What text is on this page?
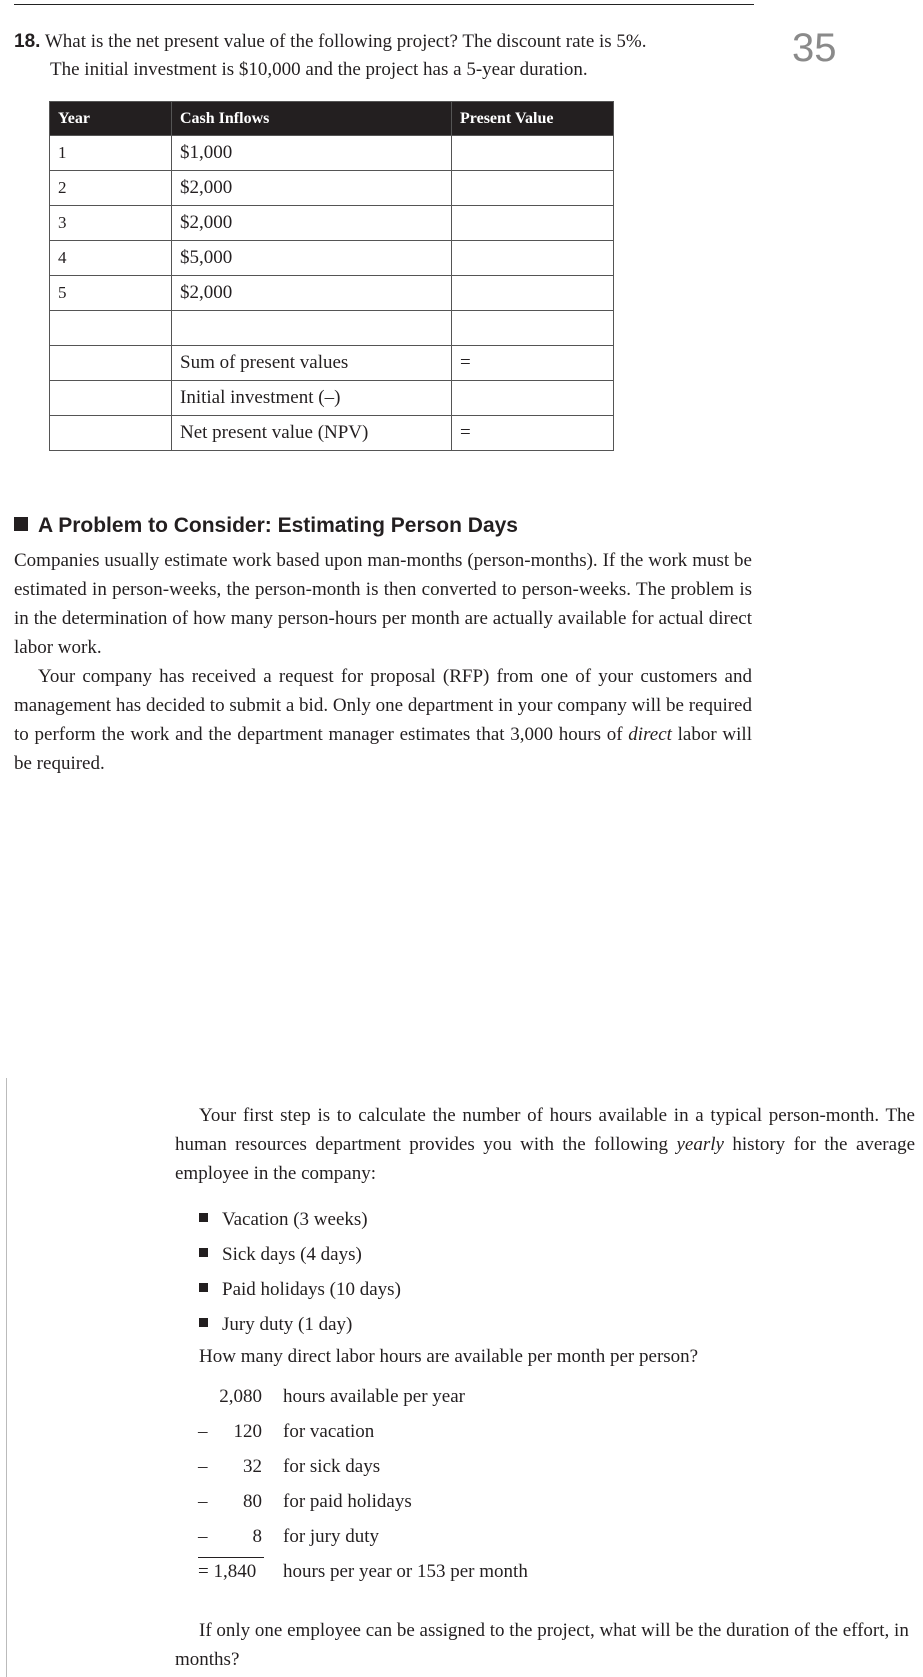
35
18. What is the net present value of the following project? The discount rate is 5%.
The initial investment is $10,000 and the project has a 5-year duration.
Year	Cash Inflows	Present Value
1	$1,000	
2	$2,000	
3	$2,000	
4	$5,000	
5	$2,000	

	Sum of present values	=
	Initial investment (–)	
	Net present value (NPV)	=
A Problem to Consider: Estimating Person Days
Companies usually estimate work based upon man-months (person-months). If the work must be estimated in person-weeks, the person-month is then converted to person-weeks. The problem is in the determination of how many person-hours per month are actually available for actual direct labor work.
Your company has received a request for proposal (RFP) from one of your customers and management has decided to submit a bid. Only one department in your company will be required to perform the work and the department manager estimates that 3,000 hours of direct labor will be required.
Your first step is to calculate the number of hours available in a typical person-month. The human resources department provides you with the following yearly history for the average employee in the company:
Vacation (3 weeks)
Sick days (4 days)
Paid holidays (10 days)
Jury duty (1 day)
How many direct labor hours are available per month per person?
2,080 hours available per year
–	120 for vacation
–	32 for sick days
–	80 for paid holidays
–	8 for jury duty
= 1,840 hours per year or 153 per month
If only one employee can be assigned to the project, what will be the duration of the effort, in months?
